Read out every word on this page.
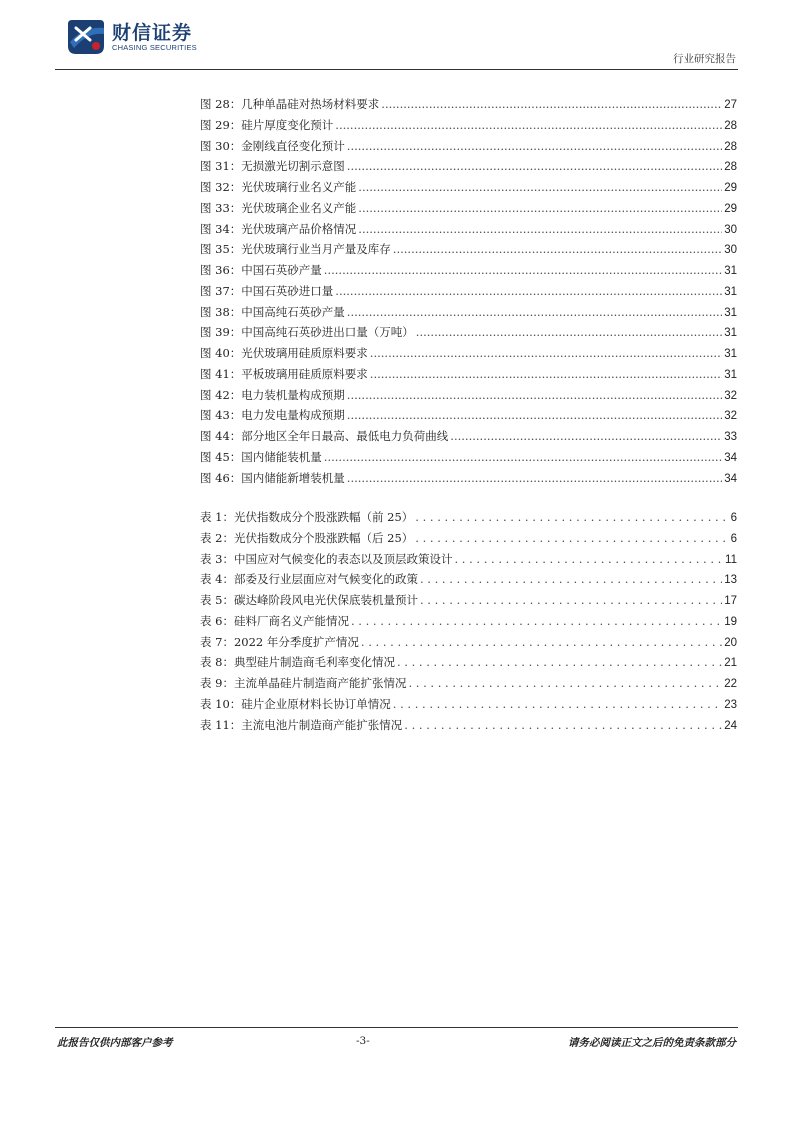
财信证券
CHASING SECURITIES
行业研究报告
图 28：几种单晶硅对热场材料要求 .....	27
图 29：硅片厚度变化预计 .....	28
图 30：金刚线直径变化预计 .....	28
图 31：无损激光切割示意图 .....	28
图 32：光伏玻璃行业名义产能 .....	29
图 33：光伏玻璃企业名义产能 .....	29
图 34：光伏玻璃产品价格情况 .....	30
图 35：光伏玻璃行业当月产量及库存 .....	30
图 36：中国石英砂产量 .....	31
图 37：中国石英砂进口量 .....	31
图 38：中国高纯石英砂产量 .....	31
图 39：中国高纯石英砂进出口量（万吨） .....	31
图 40：光伏玻璃用硅质原料要求 .....	31
图 41：平板玻璃用硅质原料要求 .....	31
图 42：电力装机量构成预期 .....	32
图 43：电力发电量构成预期 .....	32
图 44：部分地区全年日最高、最低电力负荷曲线 .....	33
图 45：国内储能装机量 .....	34
图 46：国内储能新增装机量 .....	34
表 1：光伏指数成分个股涨跌幅（前 25） . . .	6
表 2：光伏指数成分个股涨跌幅（后 25） . . .	6
表 3：中国应对气候变化的表态以及顶层政策设计 . . .	11
表 4：部委及行业层面应对气候变化的政策 . . .	13
表 5：碳达峰阶段风电光伏保底装机量预计 . . .	17
表 6：硅料厂商名义产能情况 . . .	19
表 7：2022 年分季度扩产情况 . . .	20
表 8：典型硅片制造商毛利率变化情况 . . .	21
表 9：主流单晶硅片制造商产能扩张情况 . . .	22
表 10：硅片企业原材料长协订单情况 . . .	23
表 11：主流电池片制造商产能扩张情况 . . .	24
此报告仅供内部客户参考	-3-	请务必阅读正文之后的免责条款部分
